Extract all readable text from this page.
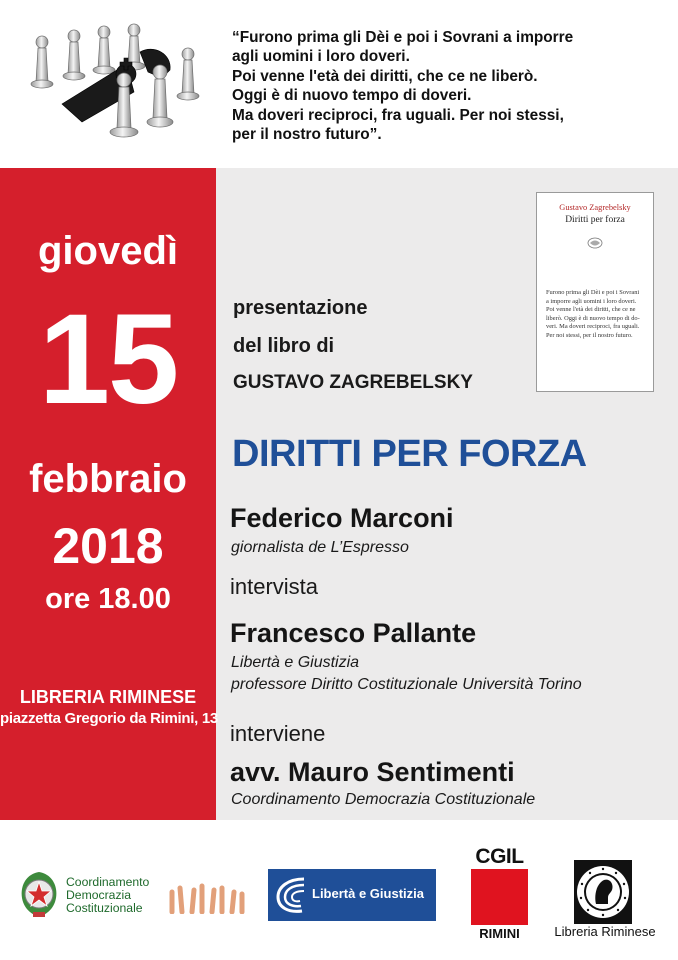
“Furono prima gli Dèi e poi i Sovrani a imporre
agli uomini i loro doveri.
Poi venne l'età dei diritti, che ce ne liberò.
Oggi è di nuovo tempo di doveri.
Ma doveri reciproci, fra uguali. Per noi stessi,
per il nostro futuro”.
giovedì
15
febbraio
2018
ore 18.00
LIBRERIA RIMINESE
piazzetta Gregorio da Rimini, 13
Gustavo Zagrebelsky
Diritti per forza
Furono prima gli Dèi e poi i Sovrani
a imporre agli uomini i loro doveri.
Poi venne l'età dei diritti, che ce ne
liberò. Oggi è di nuovo tempo di do-
veri. Ma doveri reciproci, fra uguali.
Per noi stessi, per il nostro futuro.
presentazione
del libro di
GUSTAVO ZAGREBELSKY
DIRITTI PER FORZA
Federico Marconi
giornalista de L’Espresso
intervista
Francesco Pallante
Libertà e Giustizia
professore Diritto Costituzionale Università Torino
interviene
avv. Mauro Sentimenti
Coordinamento Democrazia Costituzionale
Coordinamento
Democrazia
Costituzionale
Libertà e Giustizia
CGIL
RIMINI	Libreria Riminese
